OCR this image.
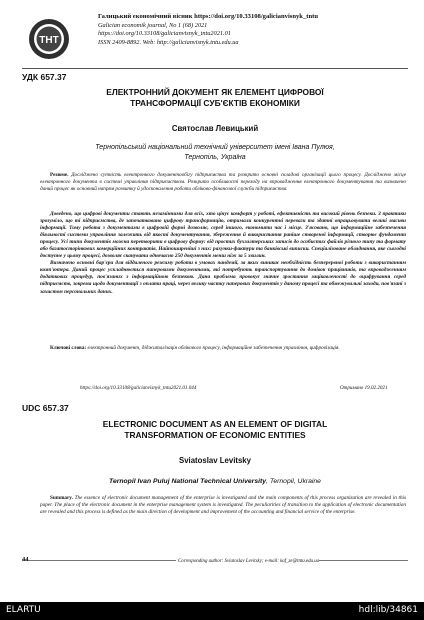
ТНТ
Галицький економічний вісник https://doi.org/10.33108/galicianvisnyk_tntu
Galician economik journal, No 1 (68) 2021
https://doi.org/10.33108/galicianvisnyk_tntu2021.01
ISSN 2409-8892. Web: http://galicianvisnyk.tntu.edu.ua
УДК 657.37
ЕЛЕКТРОННИЙ ДОКУМЕНТ ЯК ЕЛЕМЕНТ ЦИФРОВОЇ
ТРАНСФОРМАЦІЇ СУБ'ЄКТІВ ЕКОНОМІКИ
Святослав Левицький
Тернопільський національний технічний університет імені Івана Пулюя,
Тернопіль, Україна
Резюме. Досліджено сутність електронного документообігу підприємства та розкрито основні складові організації цього процесу. Досліджено місце електронного документа в системі управління підприємством. Розкрито особливості переходу на впровадження електронного документування та визначено даний процес як основний напрям розвитку й удосконалення роботи обліково-фінансової служби підприємства.
Доведено, що цифрові документи стають незамінними для всіх, хто цінує комфорт у роботі, ефективність та високий рівень безпеки. З практики зрозуміло, що ті підприємства, де започатковано цифрову трансформацію, отримали конкурентні переваги та здатні опрацьовувати великі масиви інформації. Тому робота з документами в цифровій формі дозволяє, серед іншого, економити час і місце. З'ясовано, що інформаційне забезпечення діяльності системи управління залежить від якості документування, збереження й використання раніше створеної інформації, створює фундамент процесу. Усі типи документів можна перетворити в цифрову форму: від простих бухгалтерських записів до особистих файлів різного типу та формату або багатосторінкових комерційних контрактів. Найпоширеніші з них: рахунки-фактури та банківські виписки. Спеціалізоване обладнання, яке сьогодні доступне у цьому процесі, дозволяє сканувати одночасно 250 документів менш ніж за 5 хвилин.
Визначено основні бар'єри для віддаленого режиму роботи в умовах пандемії, за яких виникає необхідність безперервної роботи з використанням комп'ютера. Даний процес ускладнюється паперовими документами, які потребують транспортування до домівок працівників, та впровадженням додаткових процедур, пов'язаних з інформаційною безпекою. Дана проблема провокує значне зростання зацікавленості до оцифрування серед підприємств, зокрема щодо документації з оплати праці, через велику частку паперових документів у даному процесі та обмежувальні заходи, пов'язані з захистом персональних даних.
Ключові слова: електронний документ, діджиталізація облікового процесу, інформаційне забезпечення управління, цифровізація.
https://doi.org/10.33108/galicianvisnyk_tntu2021.01.044	Отримано 19.02.2021
UDC 657.37
ELECTRONIC DOCUMENT AS AN ELEMENT OF DIGITAL
TRANSFORMATION OF ECONOMIC ENTITIES
Sviatoslav Levitsky
Ternopil Ivan Puluj National Technical University, Ternopil, Ukraine
Summary. The essence of electronic document management of the enterprise is investigated and the main components of this process organization are revealed in this paper. The place of the electronic document in the enterprise management system is investigated. The peculiarities of transition to the application of electronic documentation are revealed and this process is defined as the main direction of development and improvement of the accounting and financial service of the enterprise.
44	Corresponding author: Sviatoslav Levitsky; e-mail: kaf_ze@tntu.edu.ua
ELARTU	hdl:lib/34861
